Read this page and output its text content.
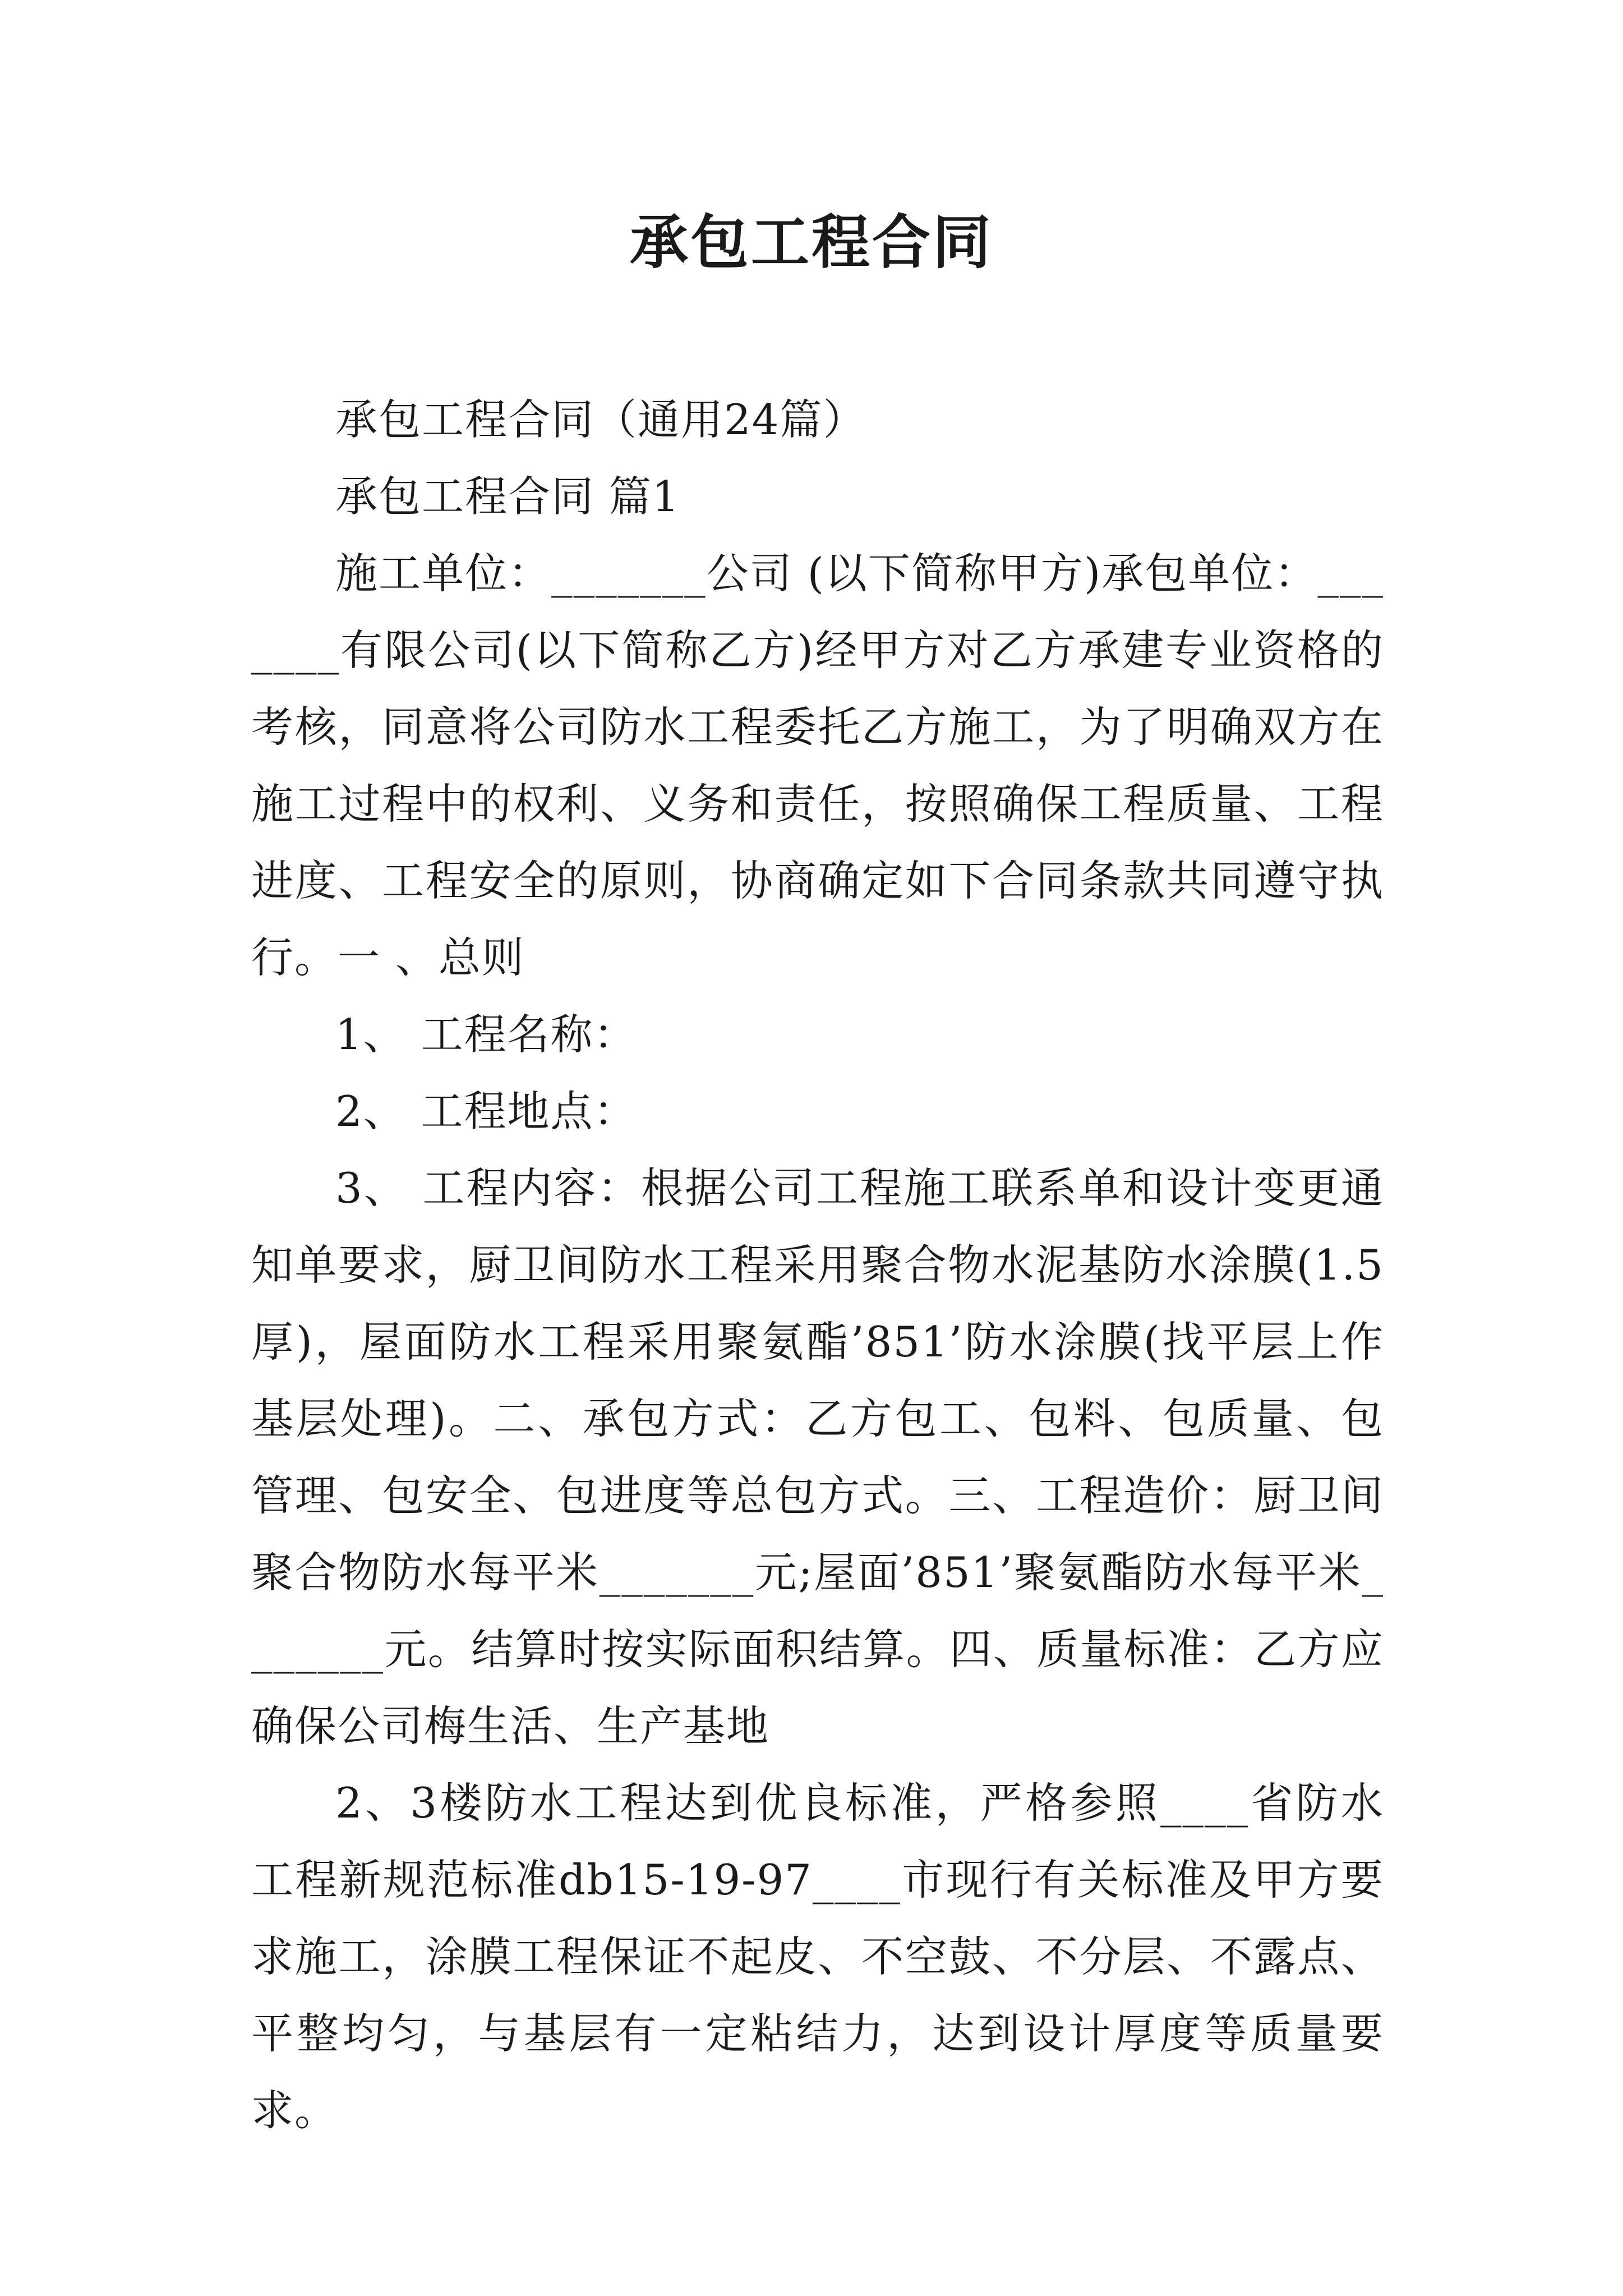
承包工程合同

承包工程合同（通用24篇）

承包工程合同 篇1

施工单位：_______公司 (以下简称甲方)承包单位：_______有限公司(以下简称乙方)经甲方对乙方承建专业资格的考核，同意将公司防水工程委托乙方施工，为了明确双方在施工过程中的权利、义务和责任，按照确保工程质量、工程进度、工程安全的原则，协商确定如下合同条款共同遵守执行。一 、总则

1、 工程名称：

2、 工程地点：

3、 工程内容：根据公司工程施工联系单和设计变更通知单要求，厨卫间防水工程采用聚合物水泥基防水涂膜(1.5厚)，屋面防水工程采用聚氨酯’851’防水涂膜(找平层上作基层处理)。二、承包方式：乙方包工、包料、包质量、包管理、包安全、包进度等总包方式。三、工程造价：厨卫间聚合物防水每平米_______元;屋面’851’聚氨酯防水每平米_______元。结算时按实际面积结算。四、质量标准：乙方应确保公司梅生活、生产基地

2、3楼防水工程达到优良标准，严格参照____省防水工程新规范标准db15-19-97____市现行有关标准及甲方要求施工，涂膜工程保证不起皮、不空鼓、不分层、不露点、平整均匀，与基层有一定粘结力，达到设计厚度等质量要求。
